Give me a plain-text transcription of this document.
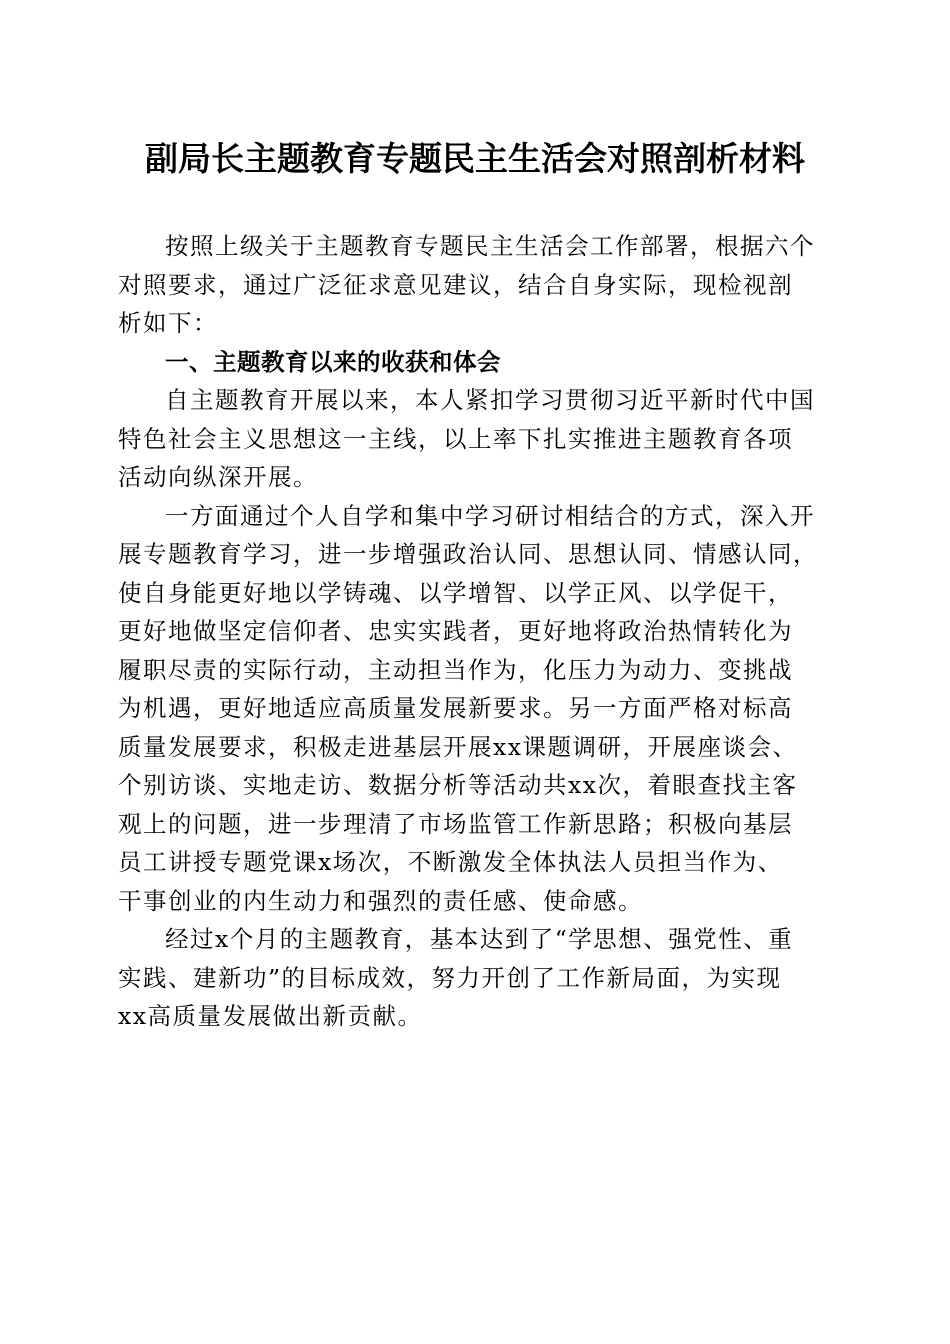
副局长主题教育专题民主生活会对照剖析材料

按照上级关于主题教育专题民主生活会工作部署，根据六个
对照要求，通过广泛征求意见建议，结合自身实际，现检视剖
析如下：

一、主题教育以来的收获和体会

自主题教育开展以来，本人紧扣学习贯彻习近平新时代中国
特色社会主义思想这一主线，以上率下扎实推进主题教育各项
活动向纵深开展。

一方面通过个人自学和集中学习研讨相结合的方式，深入开
展专题教育学习，进一步增强政治认同、思想认同、情感认同，
使自身能更好地以学铸魂、以学增智、以学正风、以学促干，
更好地做坚定信仰者、忠实实践者，更好地将政治热情转化为
履职尽责的实际行动，主动担当作为，化压力为动力、变挑战
为机遇，更好地适应高质量发展新要求。另一方面严格对标高
质量发展要求，积极走进基层开展xx课题调研，开展座谈会、
个别访谈、实地走访、数据分析等活动共xx次，着眼查找主客
观上的问题，进一步理清了市场监管工作新思路；积极向基层
员工讲授专题党课x场次，不断激发全体执法人员担当作为、
干事创业的内生动力和强烈的责任感、使命感。

经过x个月的主题教育，基本达到了“学思想、强党性、重
实践、建新功”的目标成效，努力开创了工作新局面，为实现
xx高质量发展做出新贡献。
